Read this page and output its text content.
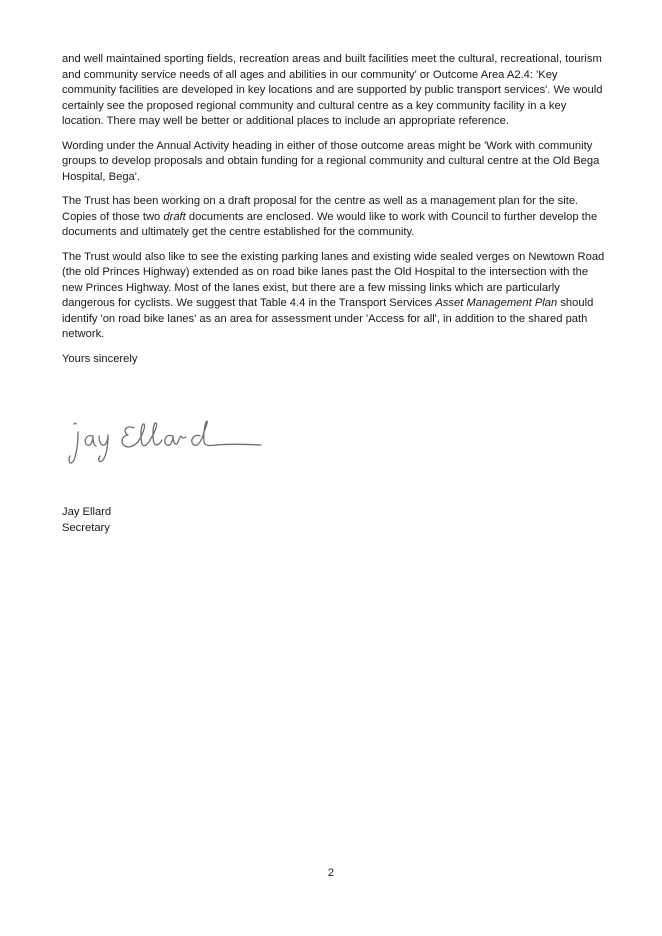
and well maintained sporting fields, recreation areas and built facilities meet the cultural, recreational, tourism and community service needs of all ages and abilities in our community' or Outcome Area A2.4: 'Key community facilities are developed in key locations and are supported by public transport services'. We would certainly see the proposed regional community and cultural centre as a key community facility in a key location. There may well be better or additional places to include an appropriate reference.

Wording under the Annual Activity heading in either of those outcome areas might be 'Work with community groups to develop proposals and obtain funding for a regional community and cultural centre at the Old Bega Hospital, Bega'.

The Trust has been working on a draft proposal for the centre as well as a management plan for the site. Copies of those two draft documents are enclosed. We would like to work with Council to further develop the documents and ultimately get the centre established for the community.

The Trust would also like to see the existing parking lanes and existing wide sealed verges on Newtown Road (the old Princes Highway) extended as on road bike lanes past the Old Hospital to the intersection with the new Princes Highway. Most of the lanes exist, but there are a few missing links which are particularly dangerous for cyclists. We suggest that Table 4.4 in the Transport Services Asset Management Plan should identify 'on road bike lanes' as an area for assessment under 'Access for all', in addition to the shared path network.

Yours sincerely

Jay Ellard
Secretary
2
